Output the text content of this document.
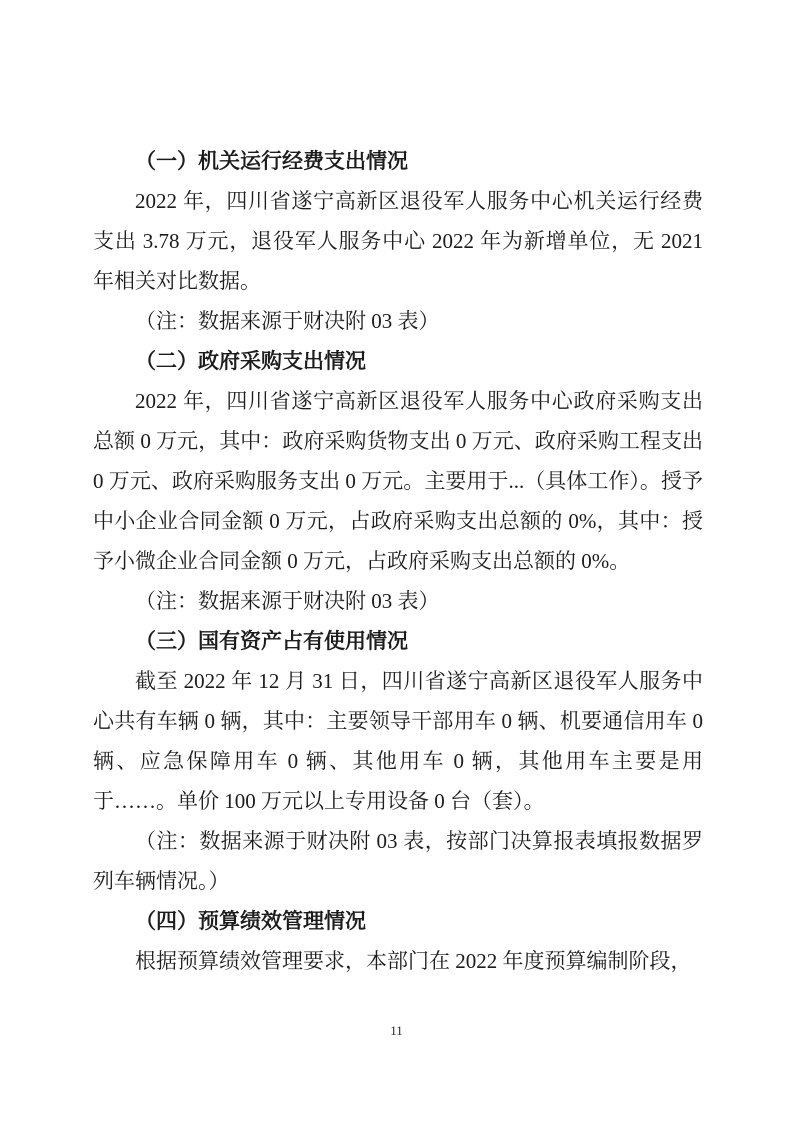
（一）机关运行经费支出情况

2022 年，四川省遂宁高新区退役军人服务中心机关运行经费支出 3.78 万元，退役军人服务中心 2022 年为新增单位，无 2021 年相关对比数据。

（注：数据来源于财决附 03 表）

（二）政府采购支出情况

2022 年，四川省遂宁高新区退役军人服务中心政府采购支出总额 0 万元，其中：政府采购货物支出 0 万元、政府采购工程支出 0 万元、政府采购服务支出 0 万元。主要用于...（具体工作）。授予中小企业合同金额 0 万元，占政府采购支出总额的 0%，其中：授予小微企业合同金额 0 万元，占政府采购支出总额的 0%。

（注：数据来源于财决附 03 表）

（三）国有资产占有使用情况

截至 2022 年 12 月 31 日，四川省遂宁高新区退役军人服务中心共有车辆 0 辆，其中：主要领导干部用车 0 辆、机要通信用车 0 辆、应急保障用车 0 辆、其他用车 0 辆，其他用车主要是用于……。单价 100 万元以上专用设备 0 台（套）。

（注：数据来源于财决附 03 表，按部门决算报表填报数据罗列车辆情况。）

（四）预算绩效管理情况

根据预算绩效管理要求，本部门在 2022 年度预算编制阶段，

11
